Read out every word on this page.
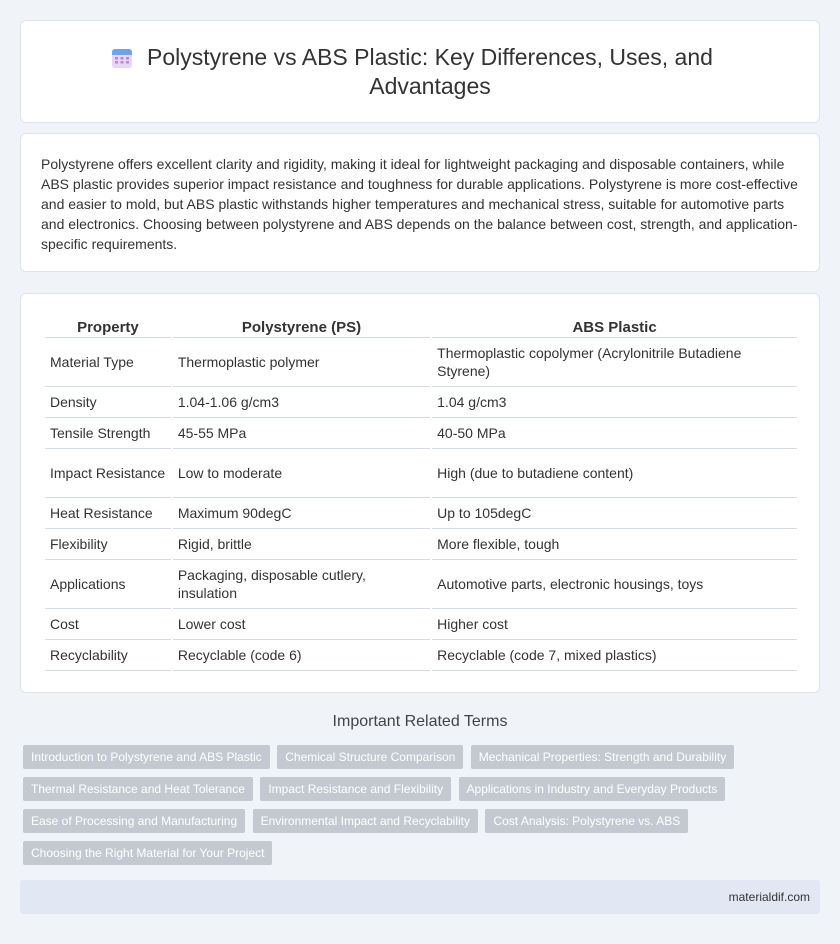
Polystyrene vs ABS Plastic: Key Differences, Uses, and Advantages

Polystyrene offers excellent clarity and rigidity, making it ideal for lightweight packaging and disposable containers, while ABS plastic provides superior impact resistance and toughness for durable applications. Polystyrene is more cost-effective and easier to mold, but ABS plastic withstands higher temperatures and mechanical stress, suitable for automotive parts and electronics. Choosing between polystyrene and ABS depends on the balance between cost, strength, and application-specific requirements.

Property	Polystyrene (PS)	ABS Plastic
Material Type	Thermoplastic polymer	Thermoplastic copolymer (Acrylonitrile Butadiene Styrene)
Density	1.04-1.06 g/cm3	1.04 g/cm3
Tensile Strength	45-55 MPa	40-50 MPa
Impact Resistance	Low to moderate	High (due to butadiene content)
Heat Resistance	Maximum 90degC	Up to 105degC
Flexibility	Rigid, brittle	More flexible, tough
Applications	Packaging, disposable cutlery, insulation	Automotive parts, electronic housings, toys
Cost	Lower cost	Higher cost
Recyclability	Recyclable (code 6)	Recyclable (code 7, mixed plastics)
Important Related Terms
Introduction to Polystyrene and ABS Plastic Chemical Structure Comparison Mechanical Properties: Strength and Durability
Thermal Resistance and Heat Tolerance Impact Resistance and Flexibility Applications in Industry and Everyday Products
Ease of Processing and Manufacturing Environmental Impact and Recyclability Cost Analysis: Polystyrene vs. ABS
Choosing the Right Material for Your Project
materialdif.com
